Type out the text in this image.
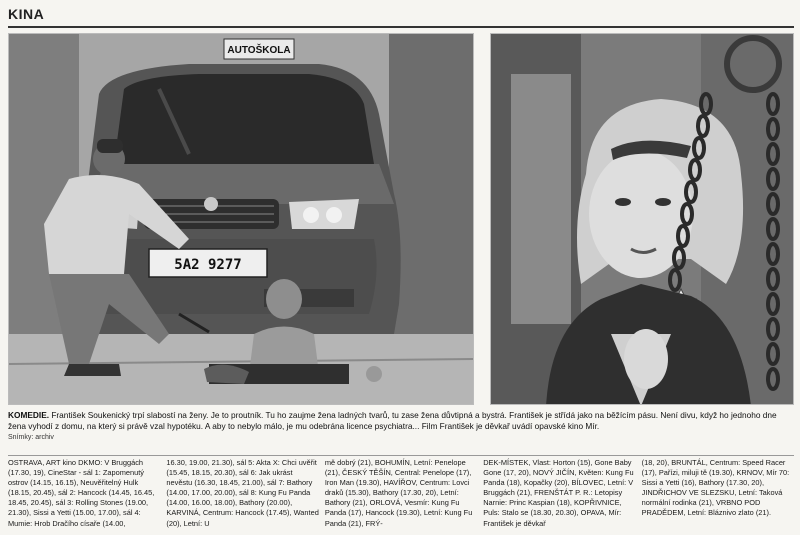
KINA
5A2 9277
AUTOŠKOLA
KOMEDIE. František Soukenický trpí slabostí na ženy. Je to proutník. Tu ho zaujme žena ladných tvarů, tu zase žena důvtipná a bystrá. František je střídá jako na běžícím pásu. Není divu, když ho jednoho dne žena vyhodí z domu, na který si právě vzal hypotéku. A aby to nebylo málo, je mu odebrána licence psychiatra... Film František je děvkař uvádí opavské kino Mír.
Snímky: archiv
OSTRAVA, ART kino DKMO: V Bruggách (17.30, 19), CineStar - sál 1: Zapomenutý ostrov (14.15, 16.15), Neuvěřitelný Hulk (18.15, 20.45), sál 2: Hancock (14.45, 16.45, 18.45, 20.45), sál 3: Rolling Stones (19.00, 21.30), Sissi a Yetti (15.00, 17.00), sál 4: Mumie: Hrob Dračího císaře (14.00,
16.30, 19.00, 21.30), sál 5: Akta X: Chci uvěřit (15.45, 18.15, 20.30), sál 6: Jak ukrást nevěstu (16.30, 18.45, 21.00), sál 7: Bathory (14.00, 17.00, 20.00), sál 8: Kung Fu Panda (14.00, 16.00, 18.00), Bathory (20.00), KARVINÁ, Centrum: Hancock (17.45), Wanted (20), Letní: U
mě dobrý (21), BOHUMÍN, Letní: Penelope (21), ČESKÝ TĚŠÍN, Central: Penelope (17), Iron Man (19.30), HAVÍŘOV, Centrum: Lovci draků (15.30), Bathory (17.30, 20), Letní: Bathory (21), ORLOVÁ, Vesmír: Kung Fu Panda (17), Hancock (19.30), Letní: Kung Fu Panda (21), FRÝ-
DEK-MÍSTEK, Vlast: Horton (15), Gone Baby Gone (17, 20), NOVÝ JIČÍN, Květen: Kung Fu Panda (18), Kopačky (20), BÍLOVEC, Letní: V Bruggách (21), FRENŠTÁT P. R.: Letopisy Narnie: Princ Kaspian (18), KOPŘIVNICE, Puls: Stalo se (18.30, 20.30), OPAVA, Mír: František je děvkař
(18, 20), BRUNTÁL, Centrum: Speed Racer (17), Pařízi, miluji tě (19.30), KRNOV, Mír 70: Sissi a Yetti (16), Bathory (17.30, 20), JINDŘICHOV VE SLEZSKU, Letní: Taková normální rodinka (21), VRBNO POD PRADĚDEM, Letní: Bláznivo zlato (21).
